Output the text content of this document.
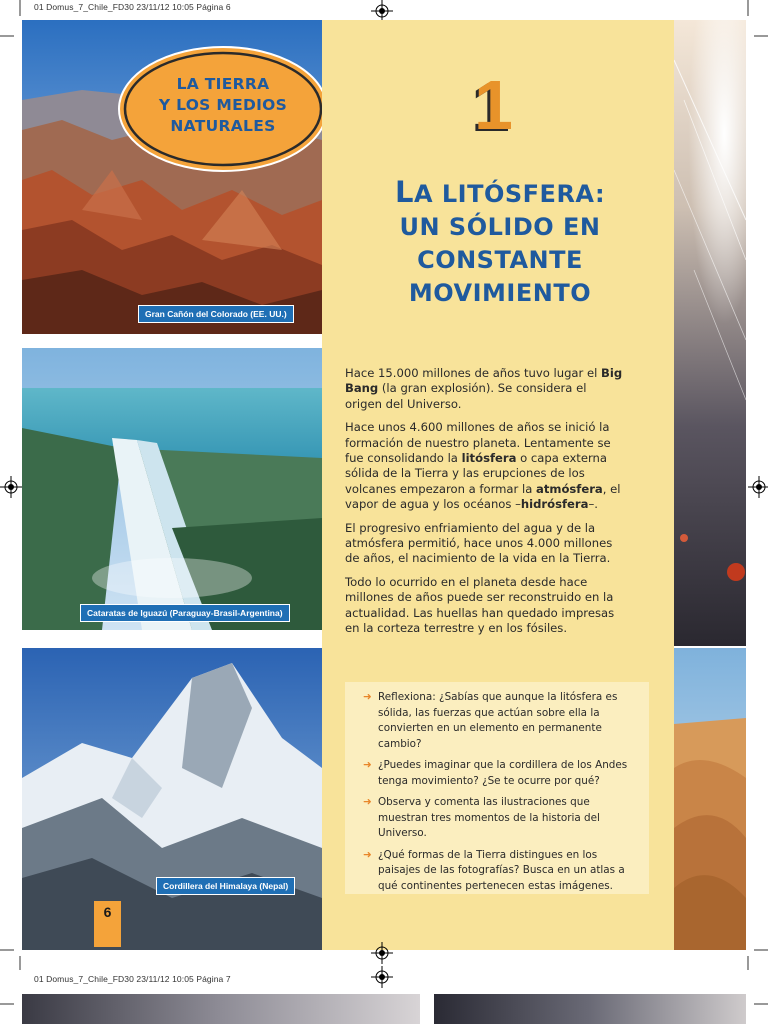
01 Domus_7_Chile_FD30 23/11/12 10:05 Página 6
Gran Cañón del Colorado (EE. UU.)
LA TIERRA
Y LOS MEDIOS
NATURALES
Cataratas de Iguazú (Paraguay-Brasil-Argentina)
Cordillera del Himalaya (Nepal)
6
1
LA LITÓSFERA:
UN SÓLIDO EN
CONSTANTE
MOVIMIENTO

Hace 15.000 millones de años tuvo lugar el Big Bang (la gran explosión). Se considera el origen del Universo.

Hace unos 4.600 millones de años se inició la formación de nuestro planeta. Lentamente se fue consolidando la litósfera o capa externa sólida de la Tierra y las erupciones de los volcanes empezaron a formar la atmósfera, el vapor de agua y los océanos –hidrósfera–.

El progresivo enfriamiento del agua y de la atmósfera permitió, hace unos 4.000 millones de años, el nacimiento de la vida en la Tierra.

Todo lo ocurrido en el planeta desde hace millones de años puede ser reconstruido en la actualidad. Las huellas han quedado impresas en la corteza terrestre y en los fósiles.

➜ Reflexiona: ¿Sabías que aunque la litósfera es sólida, las fuerzas que actúan sobre ella la convierten en un elemento en permanente cambio?
➜ ¿Puedes imaginar que la cordillera de los Andes tenga movimiento? ¿Se te ocurre por qué?
➜ Observa y comenta las ilustraciones que muestran tres momentos de la historia del Universo.
➜ ¿Qué formas de la Tierra distingues en los paisajes de las fotografías? Busca en un atlas a qué continentes pertenecen estas imágenes.
01 Domus_7_Chile_FD30 23/11/12 10:05 Página 7
